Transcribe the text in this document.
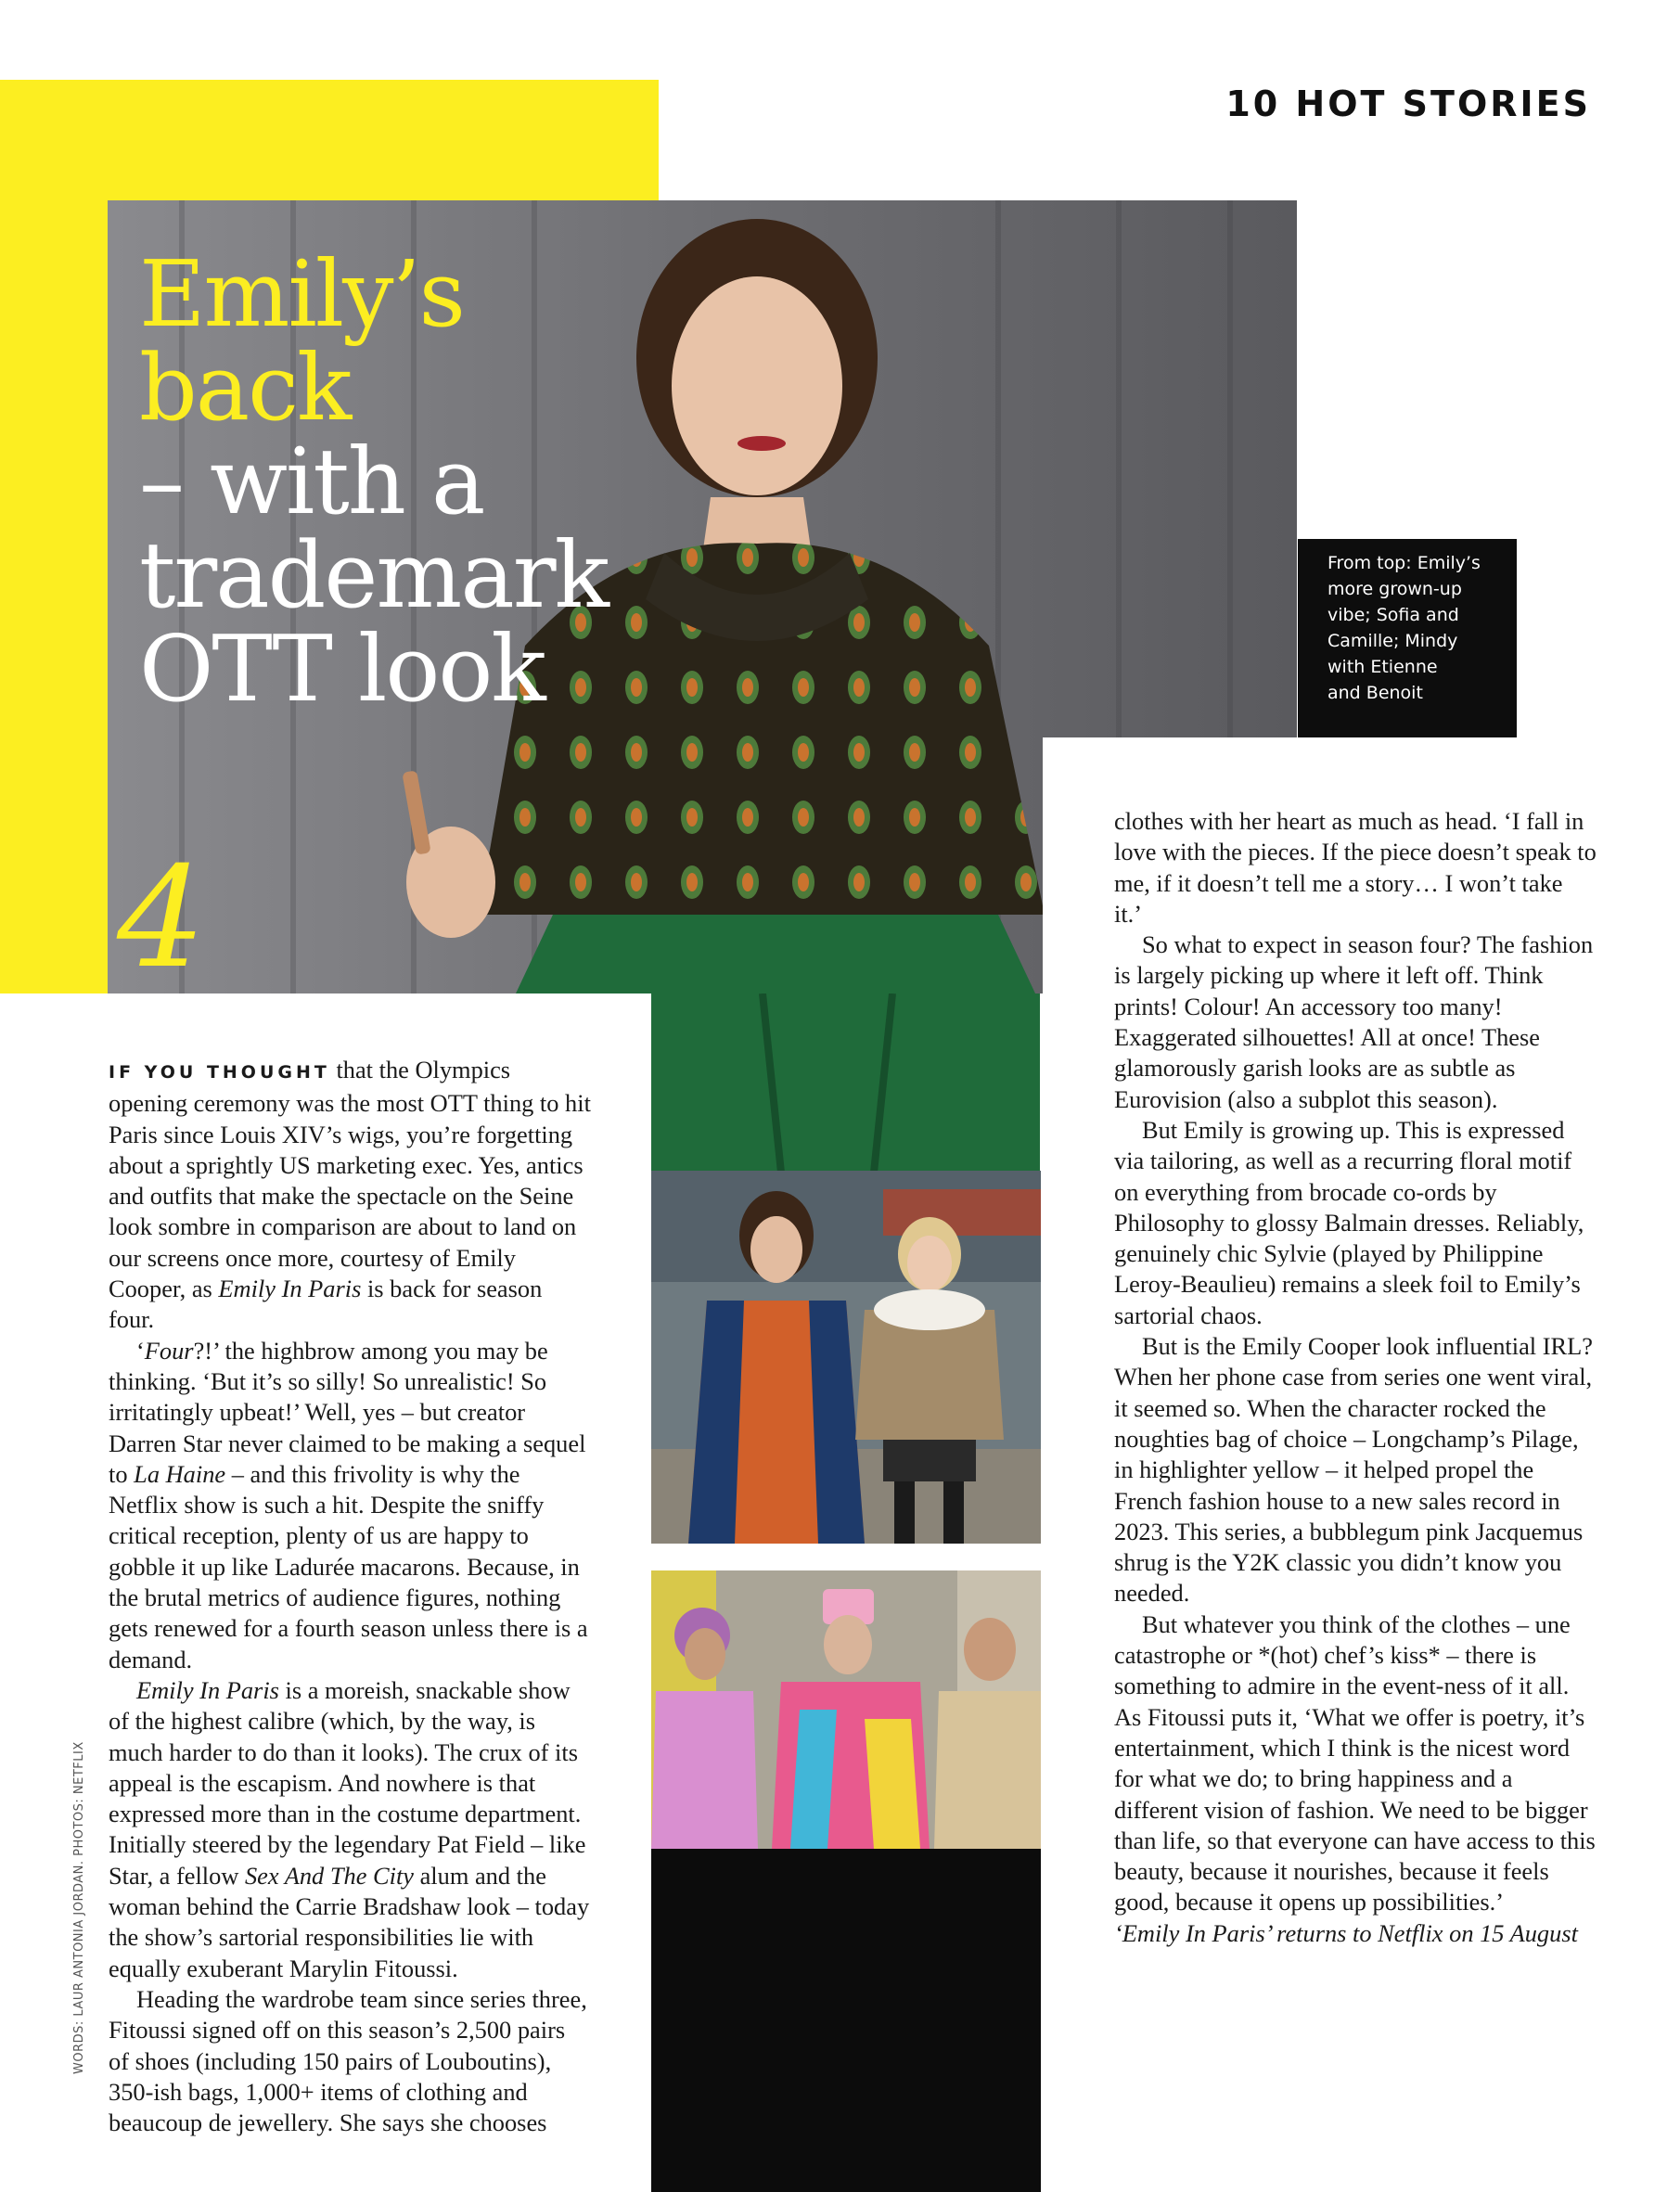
10 HOT STORIES
Emily’s back
– with a
trademark
OTT look
4
From top: Emily’s
more grown-up
vibe; Sofia and
Camille; Mindy
with Etienne
and Benoit

IF YOU THOUGHT that the Olympics opening ceremony was the most OTT thing to hit Paris since Louis XIV’s wigs, you’re forgetting about a sprightly US marketing exec. Yes, antics and outfits that make the spectacle on the Seine look sombre in comparison are about to land on our screens once more, courtesy of Emily Cooper, as Emily In Paris is back for season four.

‘Four?!’ the highbrow among you may be thinking. ‘But it’s so silly! So unrealistic! So irritatingly upbeat!’ Well, yes – but creator Darren Star never claimed to be making a sequel to La Haine – and this frivolity is why the Netflix show is such a hit. Despite the sniffy critical reception, plenty of us are happy to gobble it up like Ladurée macarons. Because, in the brutal metrics of audience figures, nothing gets renewed for a fourth season unless there is a demand.

Emily In Paris is a moreish, snackable show of the highest calibre (which, by the way, is much harder to do than it looks). The crux of its appeal is the escapism. And nowhere is that expressed more than in the costume department. Initially steered by the legendary Pat Field – like Star, a fellow Sex And The City alum and the woman behind the Carrie Bradshaw look – today the show’s sartorial responsibilities lie with equally exuberant Marylin Fitoussi.

Heading the wardrobe team since series three, Fitoussi signed off on this season’s 2,500 pairs of shoes (including 150 pairs of Louboutins), 350-ish bags, 1,000+ items of clothing and beaucoup de jewellery. She says she chooses

clothes with her heart as much as head. ‘I fall in love with the pieces. If the piece doesn’t speak to me, if it doesn’t tell me a story… I won’t take it.’

So what to expect in season four? The fashion is largely picking up where it left off. Think prints! Colour! An accessory too many! Exaggerated silhouettes! All at once! These glamorously garish looks are as subtle as Eurovision (also a subplot this season).

But Emily is growing up. This is expressed via tailoring, as well as a recurring floral motif on everything from brocade co-ords by Philosophy to glossy Balmain dresses. Reliably, genuinely chic Sylvie (played by Philippine Leroy-Beaulieu) remains a sleek foil to Emily’s sartorial chaos.

But is the Emily Cooper look influential IRL? When her phone case from series one went viral, it seemed so. When the character rocked the noughties bag of choice – Longchamp’s Pilage, in highlighter yellow – it helped propel the French fashion house to a new sales record in 2023. This series, a bubblegum pink Jacquemus shrug is the Y2K classic you didn’t know you needed.

But whatever you think of the clothes – une catastrophe or *(hot) chef’s kiss* – there is something to admire in the event-ness of it all. As Fitoussi puts it, ‘What we offer is poetry, it’s entertainment, which I think is the nicest word for what we do; to bring happiness and a different vision of fashion. We need to be bigger than life, so that everyone can have access to this beauty, because it nourishes, because it feels good, because it opens up possibilities.’

‘Emily In Paris’ returns to Netflix on 15 August

WORDS: LAUR ANTONIA JORDAN. PHOTOS: NETFLIX
